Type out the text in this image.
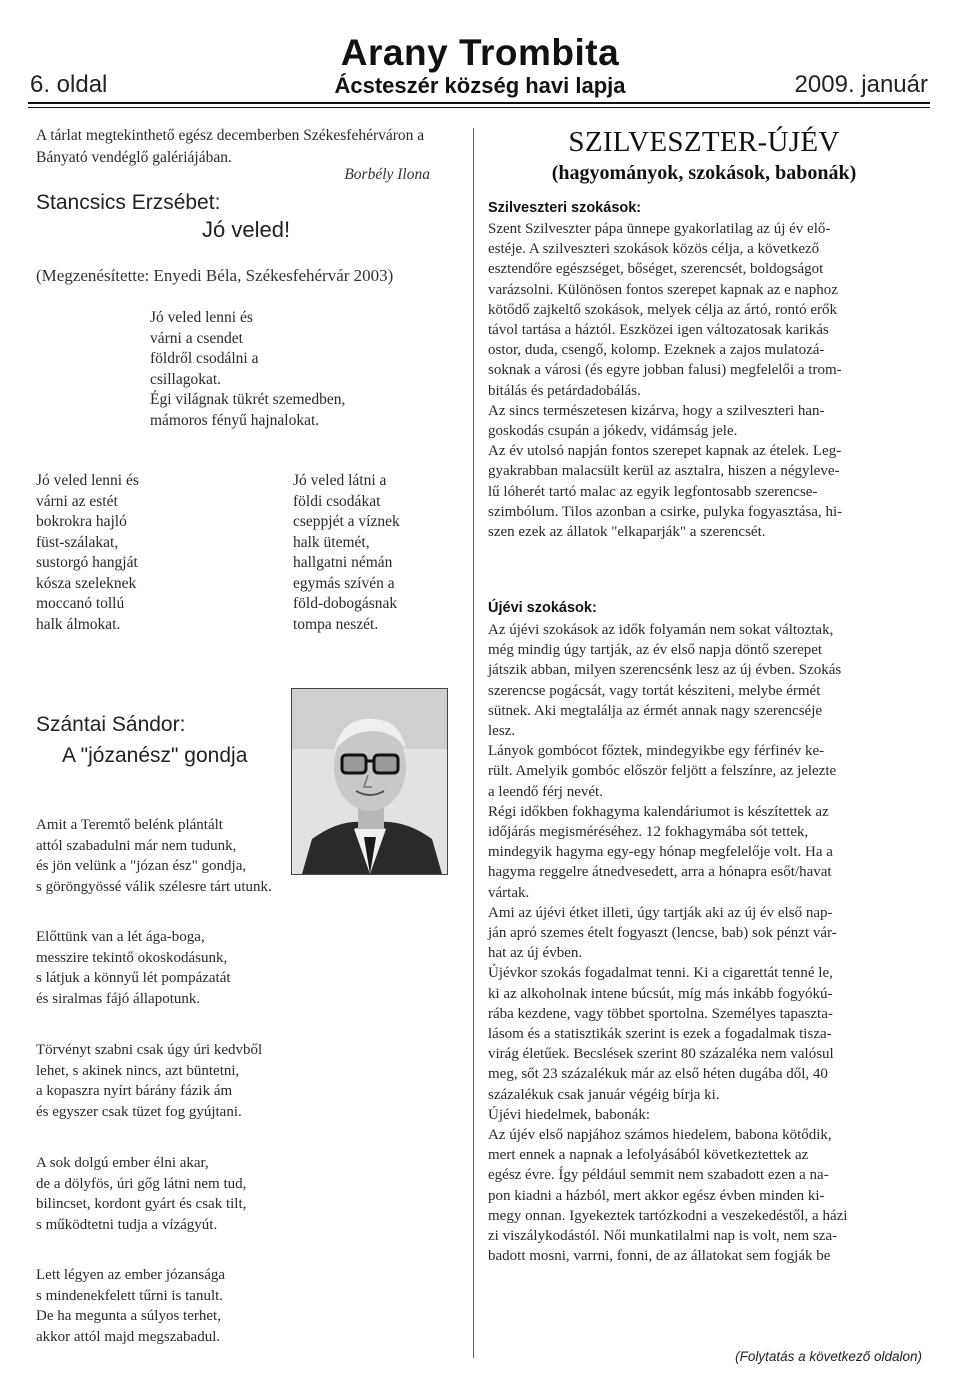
6. oldal
Arany Trombita
Ácsteszér község havi lapja	2009. január
A tárlat megtekinthető egész decemberben Székesfehérváron a Bányató vendéglő galériájában.
Borbély Ilona
Stancsics Erzsébet:
Jó veled!
(Megzenésítette: Enyedi Béla, Székesfehérvár 2003)
Jó veled lenni és
várni a csendet
földről csodálni a
csillagokat.
Égi világnak tükrét szemedben,
mámoros fényű hajnalokat.
Jó veled lenni és
várni az estét
bokrokra hajló
füst-szálakat,
sustorgó hangját
kósza szeleknek
moccanó tollú
halk álmokat.
Jó veled látni a
földi csodákat
cseppjét a víznek
halk ütemét,
hallgatni némán
egymás szívén a
föld-dobogásnak
tompa neszét.
Szántai Sándor:
A "józanész" gondja
Amit a Teremtő belénk plántált
attól szabadulni már nem tudunk,
és jön velünk a "józan ész" gondja,
s göröngyössé válik szélesre tárt utunk.
Előttünk van a lét ága-boga,
messzire tekintő okoskodásunk,
s látjuk a könnyű lét pompázatát
és siralmas fájó állapotunk.
Törvényt szabni csak úgy úri kedvből
lehet, s akinek nincs, azt büntetni,
a kopaszra nyírt bárány fázik ám
és egyszer csak tüzet fog gyújtani.
A sok dolgú ember élni akar,
de a dölyfös, úri gőg látni nem tud,
bilincset, kordont gyárt és csak tilt,
s működtetni tudja a vízágyút.
Lett légyen az ember józansága
s mindenekfelett tűrni is tanult.
De ha megunta a súlyos terhet,
akkor attól majd megszabadul.
SZILVESZTER-ÚJÉV
(hagyományok, szokások, babonák)
Szilveszteri szokások:
Szent Szilveszter pápa ünnepe gyakorlatilag az új év elő-
estéje. A szilveszteri szokások közös célja, a következő
esztendőre egészséget, bőséget, szerencsét, boldogságot
varázsolni. Különösen fontos szerepet kapnak az e naphoz
kötődő zajkeltő szokások, melyek célja az ártó, rontó erők
távol tartása a háztól. Eszközei igen változatosak karikás
ostor, duda, csengő, kolomp. Ezeknek a zajos mulatozá-
soknak a városi (és egyre jobban falusi) megfelelői a trom-
bitálás és petárdadobálás.
Az sincs természetesen kizárva, hogy a szilveszteri han-
goskodás csupán a jókedv, vidámság jele.
Az év utolsó napján fontos szerepet kapnak az ételek. Leg-
gyakrabban malacsült kerül az asztalra, hiszen a négyleve-
lű lóherét tartó malac az egyik legfontosabb szerencse-
szimbólum. Tilos azonban a csirke, pulyka fogyasztása, hi-
szen ezek az állatok "elkaparják" a szerencsét.
Újévi szokások:
Az újévi szokások az idők folyamán nem sokat változtak,
még mindig úgy tartják, az év első napja döntő szerepet
játszik abban, milyen szerencsénk lesz az új évben. Szokás
szerencse pogácsát, vagy tortát késziteni, melybe érmét
sütnek. Aki megtalálja az érmét annak nagy szerencséje
lesz.
Lányok gombócot főztek, mindegyikbe egy férfinév ke-
rült. Amelyik gombóc először feljött a felszínre, az jelezte
a leendő férj nevét.
Régi időkben fokhagyma kalendáriumot is készítettek az
időjárás megisméréséhez. 12 fokhagymába sót tettek,
mindegyik hagyma egy-egy hónap megfelelője volt. Ha a
hagyma reggelre átnedvesedett, arra a hónapra esőt/havat
vártak.
Ami az újévi étket illeti, úgy tartják aki az új év első nap-
ján apró szemes ételt fogyaszt (lencse, bab) sok pénzt vár-
hat az új évben.
Újévkor szokás fogadalmat tenni. Ki a cigarettát tenné le,
ki az alkoholnak intene búcsút, míg más inkább fogyókú-
rába kezdene, vagy többet sportolna. Személyes tapaszta-
lásom és a statisztikák szerint is ezek a fogadalmak tiszа-
virág életűek. Becslések szerint 80 százaléka nem valósul
meg, sőt 23 százalékuk már az első héten dugába dől, 40
százalékuk csak január végéig bírja ki.
Újévi hiedelmek, babonák:
Az újév első napjához számos hiedelem, babona kötődik,
mert ennek a napnak a lefolyásából következtettek az
egész évre. Így például semmit nem szabadott ezen a na-
pon kiadni a házból, mert akkor egész évben minden ki-
megy onnan. Igyekeztek tartózkodni a veszekedéstől, a házi
zi viszálykodástól. Női munkatilalmi nap is volt, nem sza-
badott mosni, varrni, fonni, de az állatokat sem fogják be
(Folytatás a következő oldalon)
